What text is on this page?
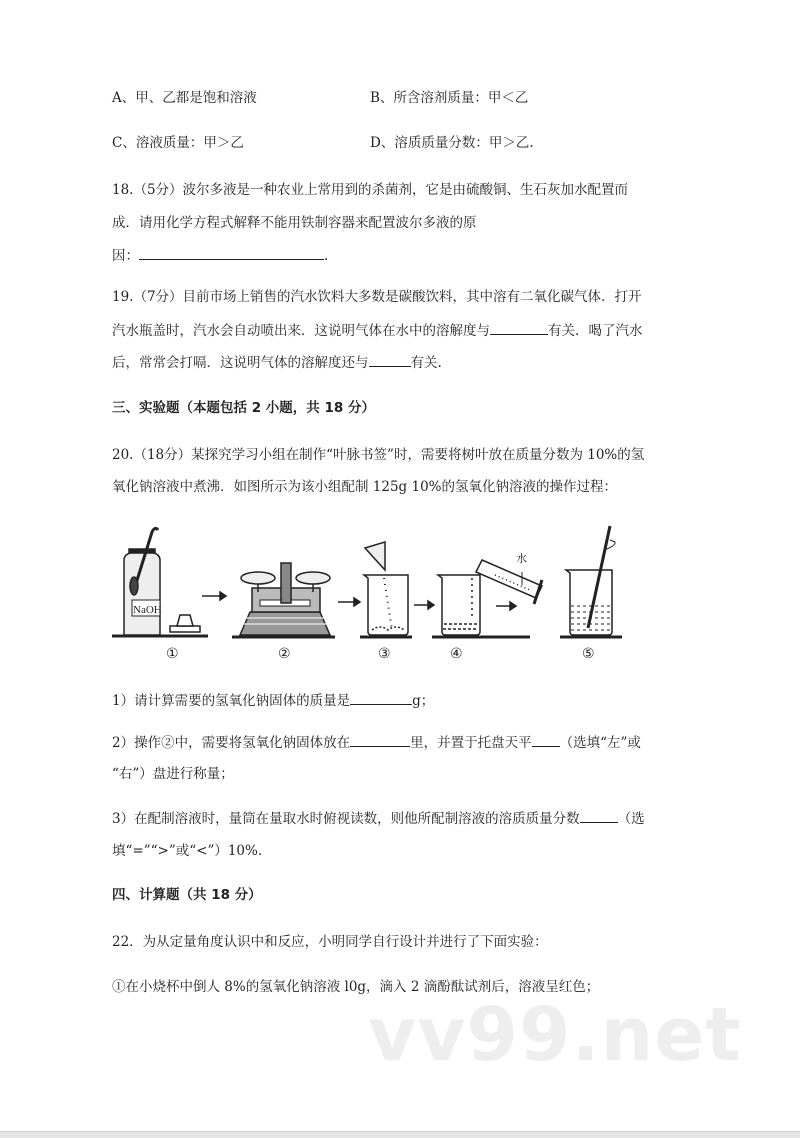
A、甲、乙都是饱和溶液	B、所含溶剂质量：甲＜乙
C、溶液质量：甲＞乙	D、溶质质量分数：甲＞乙.
18.（5分）波尔多液是一种农业上常用到的杀菌剂，它是由硫酸铜、生石灰加水配置而
成．请用化学方程式解释不能用铁制容器来配置波尔多液的原
因：	.
19.（7分）目前市场上销售的汽水饮料大多数是碳酸饮料，其中溶有二氧化碳气体．打开
汽水瓶盖时，汽水会自动喷出来．这说明气体在水中的溶解度与	有关．喝了汽水
后，常常会打嗝．这说明气体的溶解度还与	有关.
三、实验题（本题包括 2 小题，共 18 分）
20.（18分）某探究学习小组在制作“叶脉书签”时，需要将树叶放在质量分数为 10%的氢
氧化钠溶液中煮沸．如图所示为该小组配制 125g 10%的氢氧化钠溶液的操作过程：
NaOH
水
①	②	③	④	⑤
1）请计算需要的氢氧化钠固体的质量是	g；
2）操作②中，需要将氢氧化钠固体放在	里，并置于托盘天平 （选填“左”或
“右”）盘进行称量；
3）在配制溶液时，量筒在量取水时俯视读数，则他所配制溶液的溶质质量分数	（选
填“=”“>”或“<”）10%.
四、计算题（共 18 分）
22．为从定量角度认识中和反应，小明同学自行设计并进行了下面实验：
①在小烧杯中倒人 8%的氢氧化钠溶液 l0g，滴入 2 滴酚酞试剂后，溶液呈红色；
vv99.net
